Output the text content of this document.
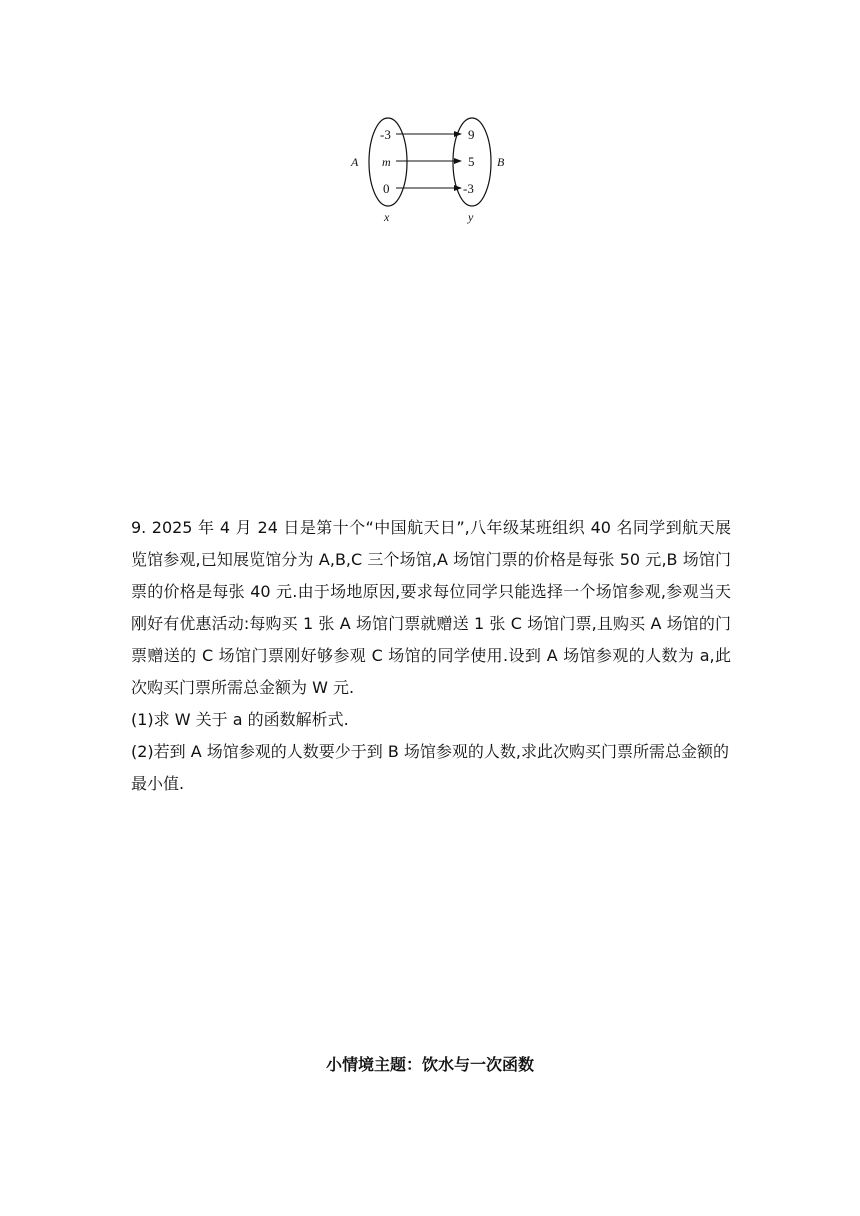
A	B
-3
m
0
9
5
-3
x	y

9. 2025 年 4 月 24 日是第十个“中国航天日”,八年级某班组织 40 名同学到航天展览馆参观,已知展览馆分为 A,B,C 三个场馆,A 场馆门票的价格是每张 50 元,B 场馆门票的价格是每张 40 元.由于场地原因,要求每位同学只能选择一个场馆参观,参观当天刚好有优惠活动:每购买 1 张 A 场馆门票就赠送 1 张 C 场馆门票,且购买 A 场馆的门票赠送的 C 场馆门票刚好够参观 C 场馆的同学使用.设到 A 场馆参观的人数为 a,此次购买门票所需总金额为 W 元.

(1)求 W 关于 a 的函数解析式.

(2)若到 A 场馆参观的人数要少于到 B 场馆参观的人数,求此次购买门票所需总金额的最小值.

小情境主题：饮水与一次函数
